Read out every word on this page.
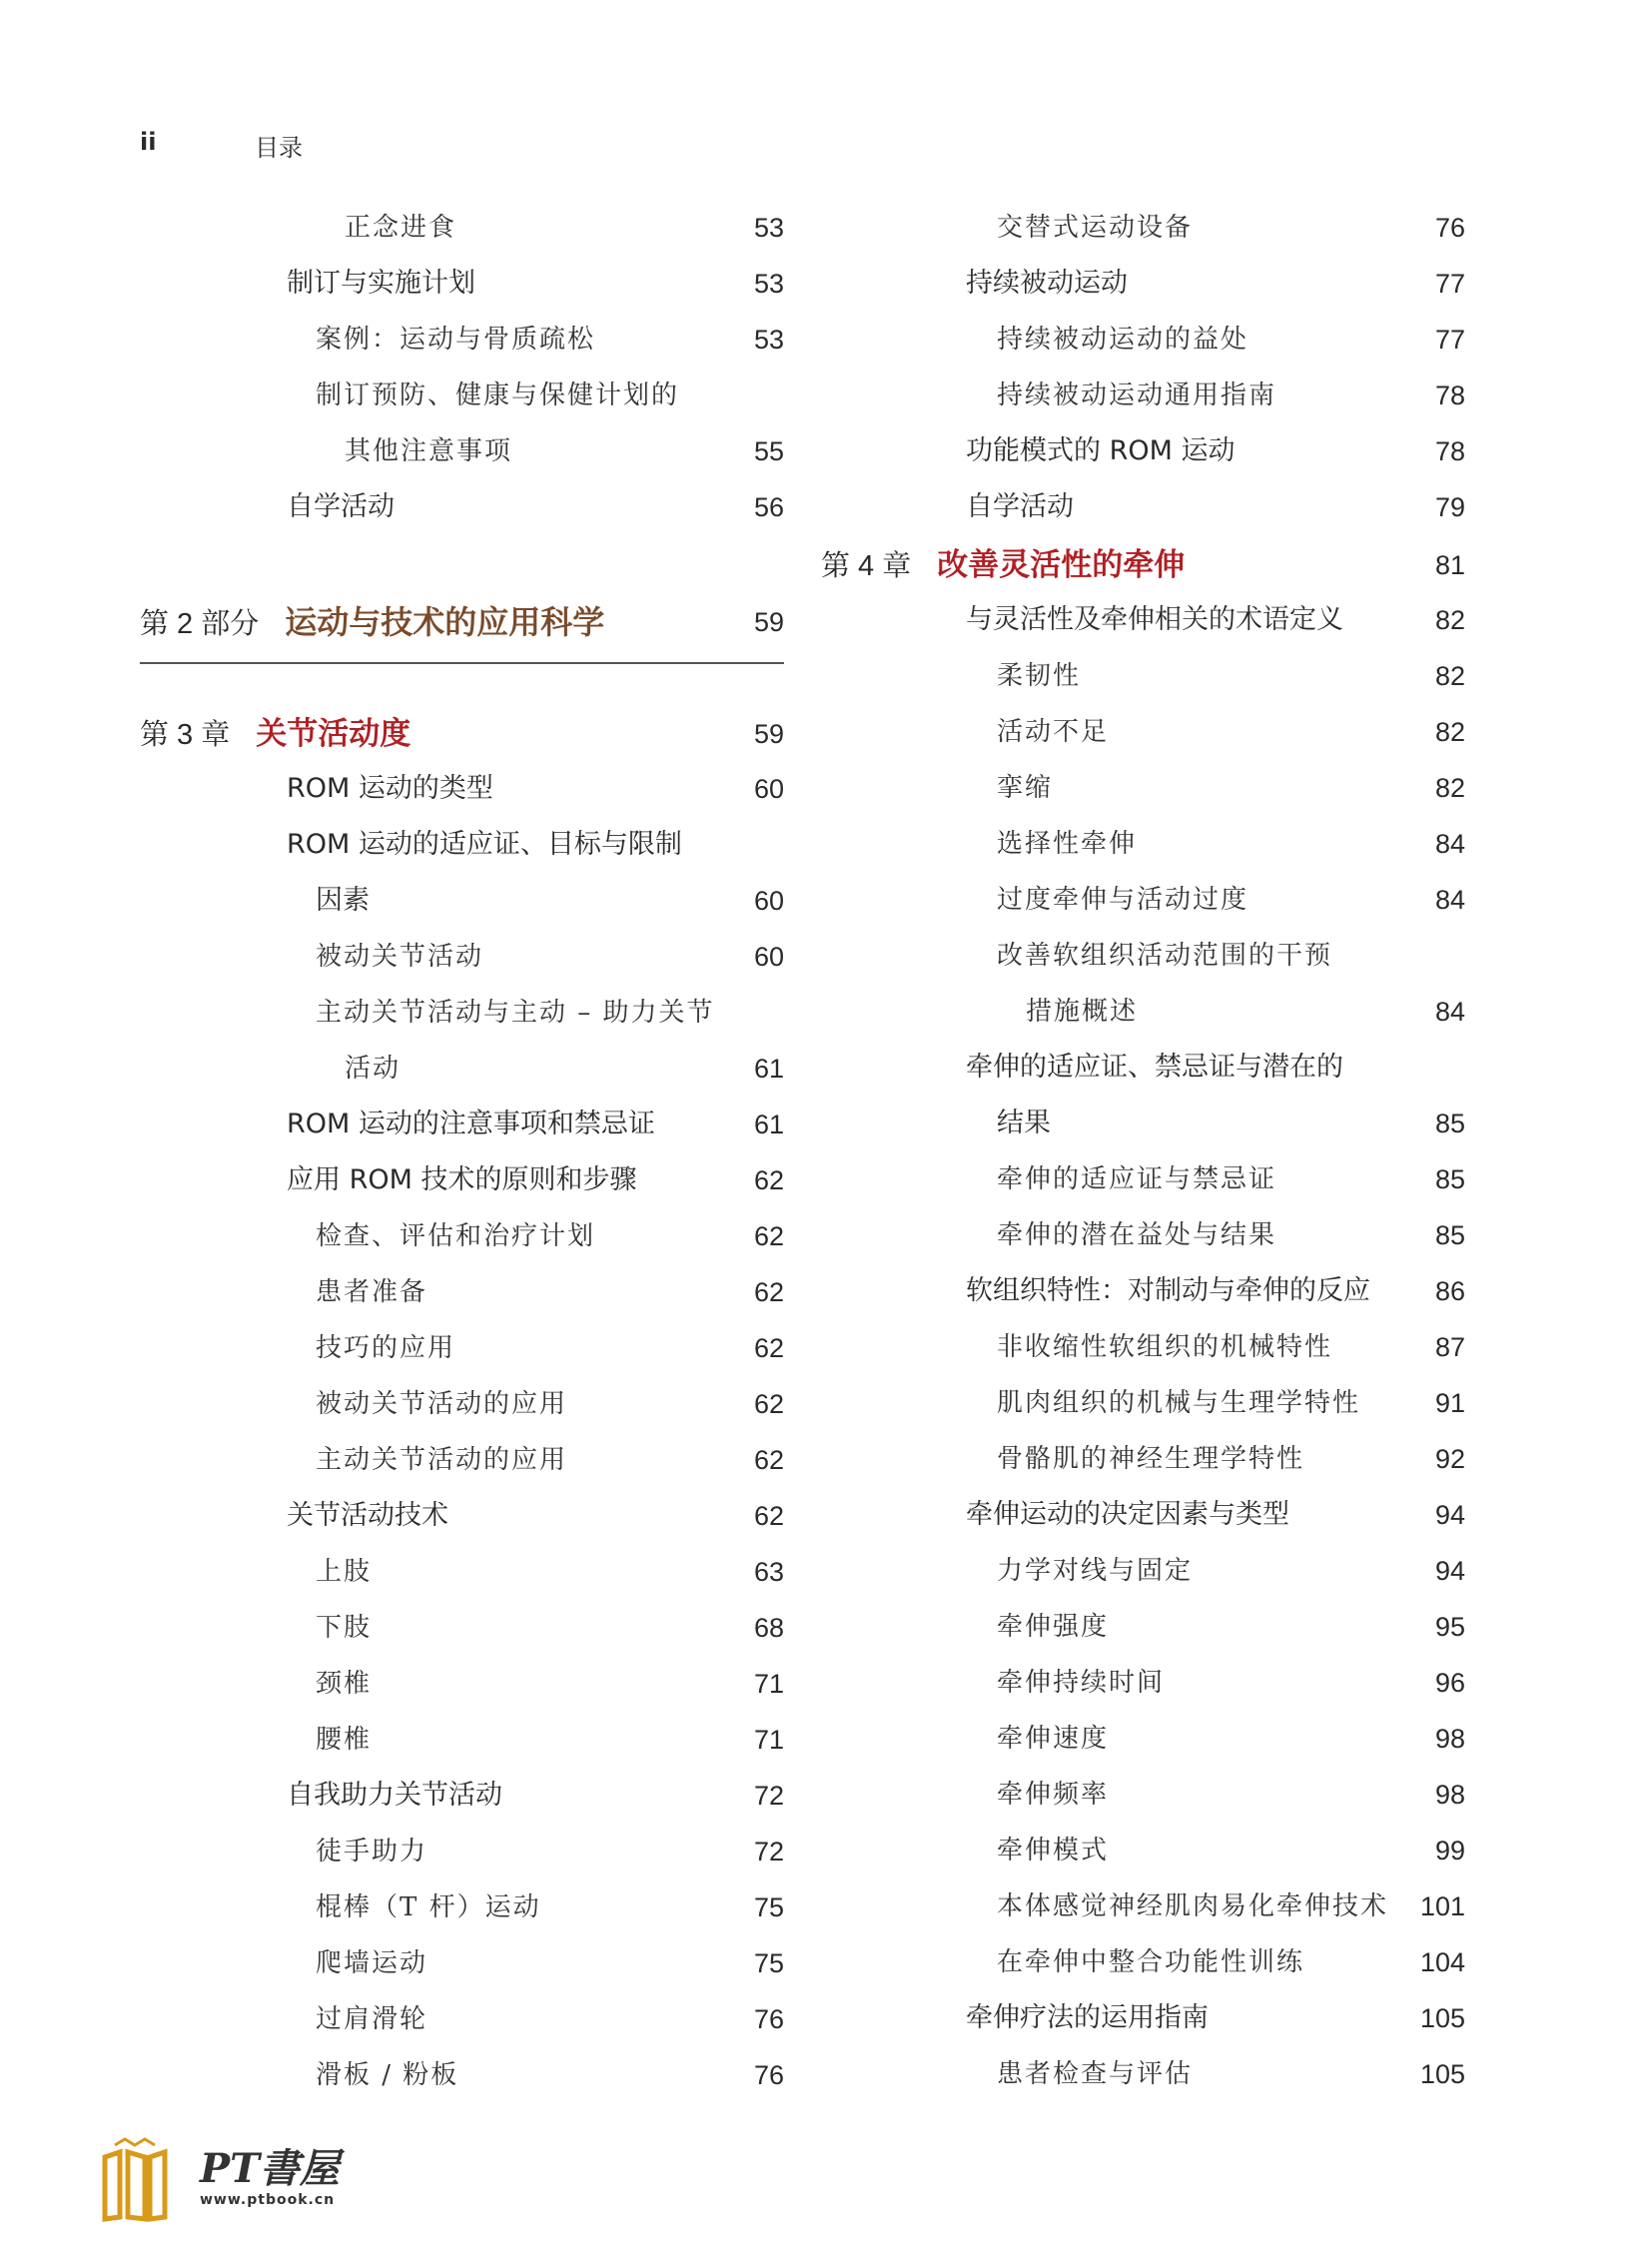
ii	目录
正念进食	53
制订与实施计划	53
案例：运动与骨质疏松	53
制订预防、健康与保健计划的
其他注意事项	55
自学活动	56
第 2 部分 运动与技术的应用科学	59
第 3 章 关节活动度	59
ROM 运动的类型	60
ROM 运动的适应证、目标与限制
因素	60
被动关节活动	60
主动关节活动与主动 – 助力关节
活动	61
ROM 运动的注意事项和禁忌证	61
应用 ROM 技术的原则和步骤	62
检查、评估和治疗计划	62
患者准备	62
技巧的应用	62
被动关节活动的应用	62
主动关节活动的应用	62
关节活动技术	62
上肢	63
下肢	68
颈椎	71
腰椎	71
自我助力关节活动	72
徒手助力	72
棍棒（T 杆）运动	75
爬墙运动	75
过肩滑轮	76
滑板 / 粉板	76
交替式运动设备	76
持续被动运动	77
持续被动运动的益处	77
持续被动运动通用指南	78
功能模式的 ROM 运动	78
自学活动	79
第 4 章 改善灵活性的牵伸	81
与灵活性及牵伸相关的术语定义	82
柔韧性	82
活动不足	82
挛缩	82
选择性牵伸	84
过度牵伸与活动过度	84
改善软组织活动范围的干预
措施概述	84
牵伸的适应证、禁忌证与潜在的
结果	85
牵伸的适应证与禁忌证	85
牵伸的潜在益处与结果	85
软组织特性：对制动与牵伸的反应 86
非收缩性软组织的机械特性	87
肌肉组织的机械与生理学特性	91
骨骼肌的神经生理学特性	92
牵伸运动的决定因素与类型	94
力学对线与固定	94
牵伸强度	95
牵伸持续时间	96
牵伸速度	98
牵伸频率	98
牵伸模式	99
本体感觉神经肌肉易化牵伸技术 101
在牵伸中整合功能性训练	104
牵伸疗法的运用指南	105
患者检查与评估	105
PT書屋
www.ptbook.cn
